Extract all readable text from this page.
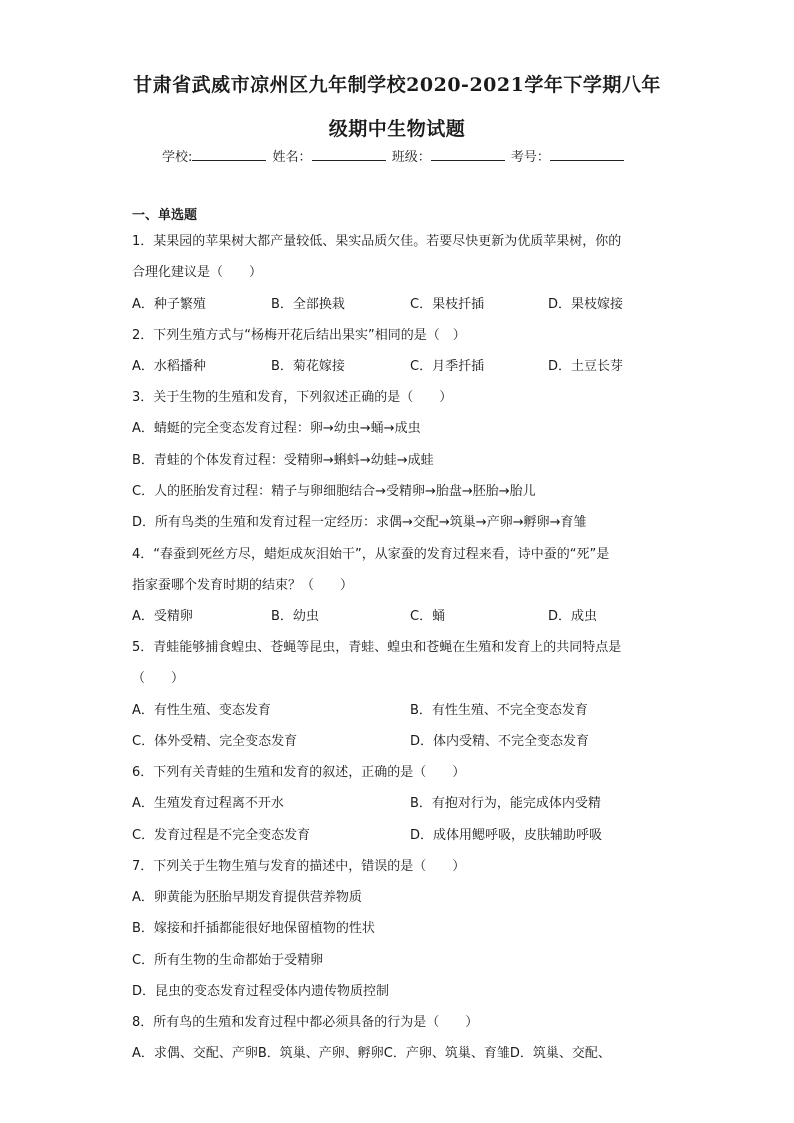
甘肃省武威市凉州区九年制学校2020-2021学年下学期八年
级期中生物试题
学校:	姓名：	班级：	考号：
一、单选题
1．某果园的苹果树大都产量较低、果实品质欠佳。若要尽快更新为优质苹果树，你的
合理化建议是（　　）
A．种子繁殖	B．全部换栽	C．果枝扦插	D．果枝嫁接
2．下列生殖方式与“杨梅开花后结出果实”相同的是（　）
A．水稻播种	B．菊花嫁接	C．月季扦插	D．土豆长芽
3．关于生物的生殖和发育，下列叙述正确的是（　　）
A．蜻蜓的完全变态发育过程：卵→幼虫→蛹→成虫
B．青蛙的个体发育过程：受精卵→蝌蚪→幼蛙→成蛙
C．人的胚胎发育过程：精子与卵细胞结合→受精卵→胎盘→胚胎→胎儿
D．所有鸟类的生殖和发育过程一定经历：求偶→交配→筑巢→产卵→孵卵→育雏
4．“春蚕到死丝方尽，蜡炬成灰泪始干”，从家蚕的发育过程来看，诗中蚕的“死”是
指家蚕哪个发育时期的结束？（　　）
A．受精卵	B．幼虫	C．蛹	D．成虫
5．青蛙能够捕食蝗虫、苍蝇等昆虫，青蛙、蝗虫和苍蝇在生殖和发育上的共同特点是
（　　）
A．有性生殖、变态发育	B．有性生殖、不完全变态发育
C．体外受精、完全变态发育	D．体内受精、不完全变态发育
6．下列有关青蛙的生殖和发育的叙述，正确的是（　　）
A．生殖发育过程离不开水	B．有抱对行为，能完成体内受精
C．发育过程是不完全变态发育	D．成体用鳃呼吸，皮肤辅助呼吸
7．下列关于生物生殖与发育的描述中，错误的是（　　）
A．卵黄能为胚胎早期发育提供营养物质
B．嫁接和扦插都能很好地保留植物的性状
C．所有生物的生命都始于受精卵
D．昆虫的变态发育过程受体内遗传物质控制
8．所有鸟的生殖和发育过程中都必须具备的行为是（　　）
A．求偶、交配、产卵B．筑巢、产卵、孵卵C．产卵、筑巢、育雏D．筑巢、交配、
